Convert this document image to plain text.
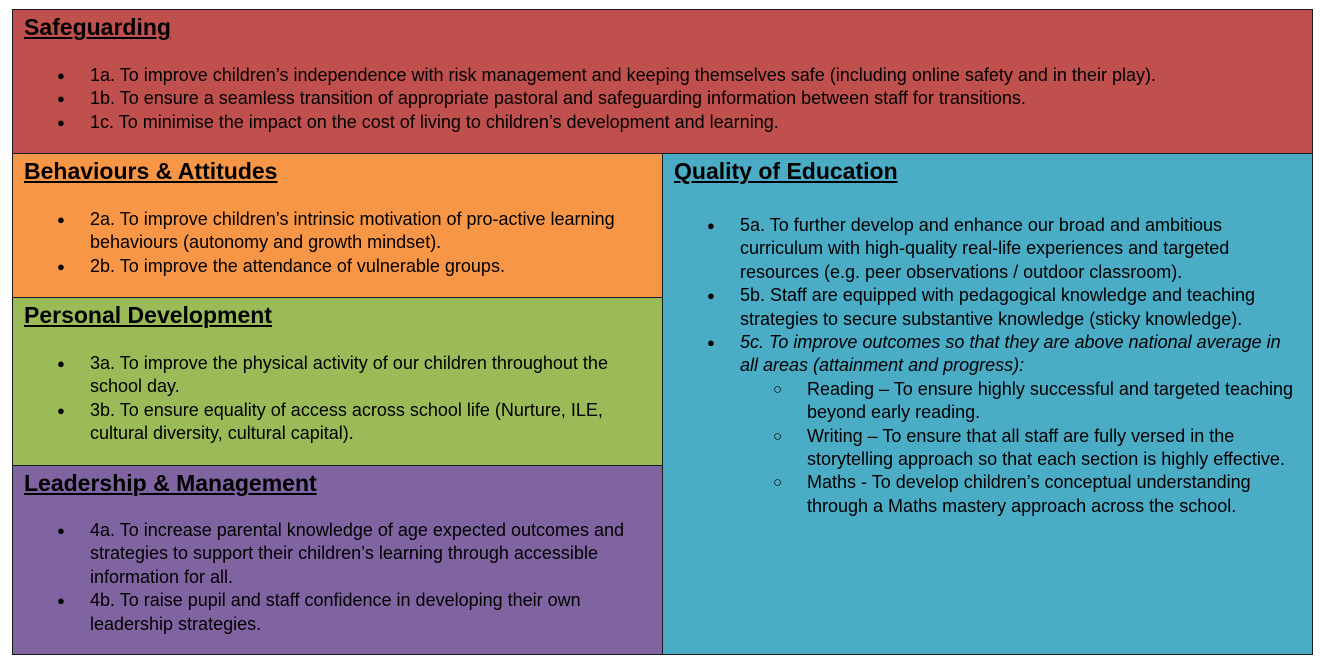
Safeguarding
● 1a. To improve children’s independence with risk management and keeping themselves safe (including online safety and in their play).
● 1b. To ensure a seamless transition of appropriate pastoral and safeguarding information between staff for transitions.
● 1c. To minimise the impact on the cost of living to children’s development and learning.
Behaviours & Attitudes
● 2a. To improve children’s intrinsic motivation of pro-active learning behaviours (autonomy and growth mindset).
● 2b. To improve the attendance of vulnerable groups.
Personal Development
● 3a. To improve the physical activity of our children throughout the school day.
● 3b. To ensure equality of access across school life (Nurture, ILE, cultural diversity, cultural capital).
Leadership & Management
● 4a. To increase parental knowledge of age expected outcomes and strategies to support their children’s learning through accessible information for all.
● 4b. To raise pupil and staff confidence in developing their own leadership strategies.
Quality of Education
● 5a. To further develop and enhance our broad and ambitious curriculum with high-quality real-life experiences and targeted resources (e.g. peer observations / outdoor classroom).
● 5b. Staff are equipped with pedagogical knowledge and teaching strategies to secure substantive knowledge (sticky knowledge).
● 5c. To improve outcomes so that they are above national average in all areas (attainment and progress):
○ Reading – To ensure highly successful and targeted teaching beyond early reading.
○ Writing – To ensure that all staff are fully versed in the storytelling approach so that each section is highly effective.
○ Maths - To develop children’s conceptual understanding through a Maths mastery approach across the school.
